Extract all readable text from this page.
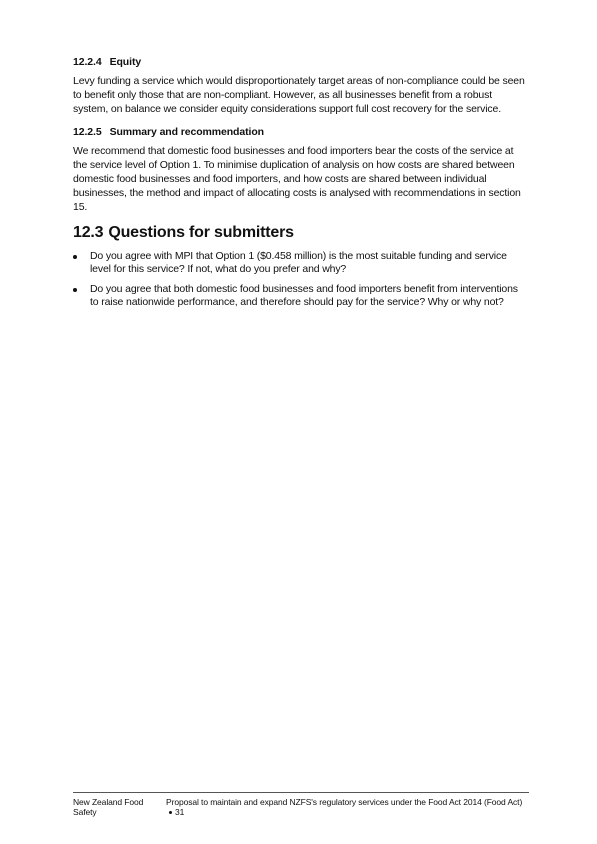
12.2.4 Equity

Levy funding a service which would disproportionately target areas of non-compliance could be seen to benefit only those that are non-compliant. However, as all businesses benefit from a robust system, on balance we consider equity considerations support full cost recovery for the service.

12.2.5 Summary and recommendation

We recommend that domestic food businesses and food importers bear the costs of the service at the service level of Option 1. To minimise duplication of analysis on how costs are shared between domestic food businesses and food importers, and how costs are shared between individual businesses, the method and impact of allocating costs is analysed with recommendations in section 15.

12.3 Questions for submitters
Do you agree with MPI that Option 1 ($0.458 million) is the most suitable funding and service level for this service? If not, what do you prefer and why?
Do you agree that both domestic food businesses and food importers benefit from interventions to raise nationwide performance, and therefore should pay for the service? Why or why not?
New Zealand Food Safety
Proposal to maintain and expand NZFS's regulatory services under the Food Act 2014 (Food Act)31
